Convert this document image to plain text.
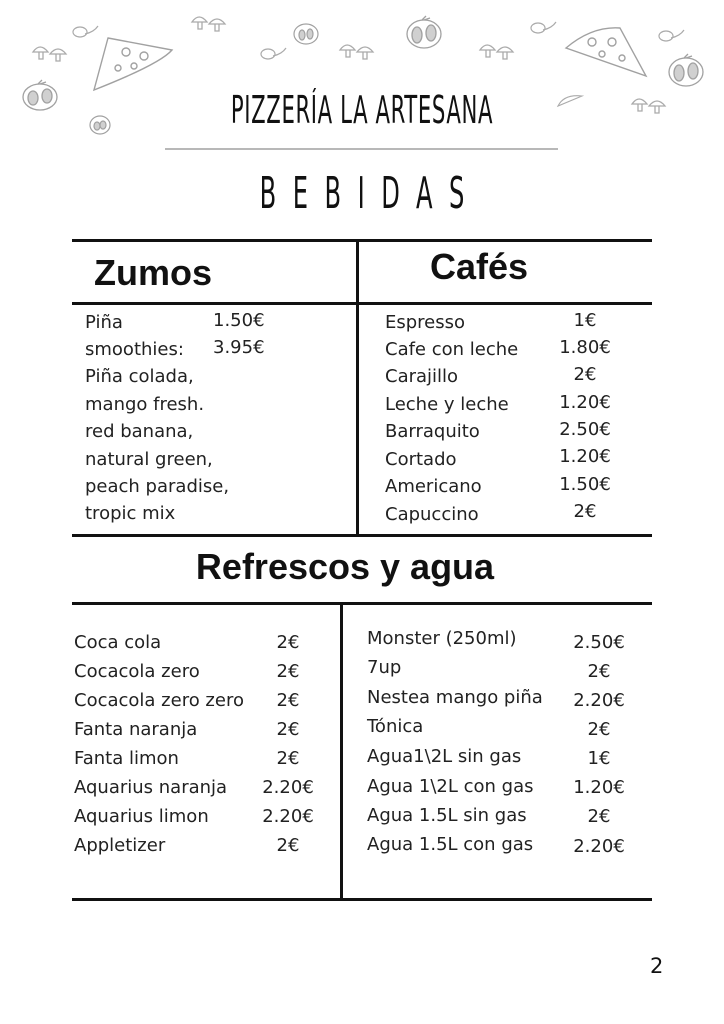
PIZZERÍA LA ARTESANA
BEBIDAS
Zumos	Cafés
Piña	1.50€
smoothies: 3.95€
Piña colada,
mango fresh.
red banana,
natural green,
peach paradise,
tropic mix
Espresso	1€
Cafe con leche	1.80€
Carajillo	2€
Leche y leche	1.20€
Barraquito	2.50€
Cortado	1.20€
Americano	1.50€
Capuccino	2€
Refrescos y agua
Coca cola	2€
Cocacola zero	2€
Cocacola zero zero	2€
Fanta naranja	2€
Fanta limon	2€
Aquarius naranja	2.20€
Aquarius limon	2.20€
Appletizer	2€
Monster (250ml)	2.50€
7up	2€
Nestea mango piña	2.20€
Tónica	2€
Agua1\2L sin gas	1€
Agua 1\2L con gas	1.20€
Agua 1.5L sin gas	2€
Agua 1.5L con gas	2.20€
2
